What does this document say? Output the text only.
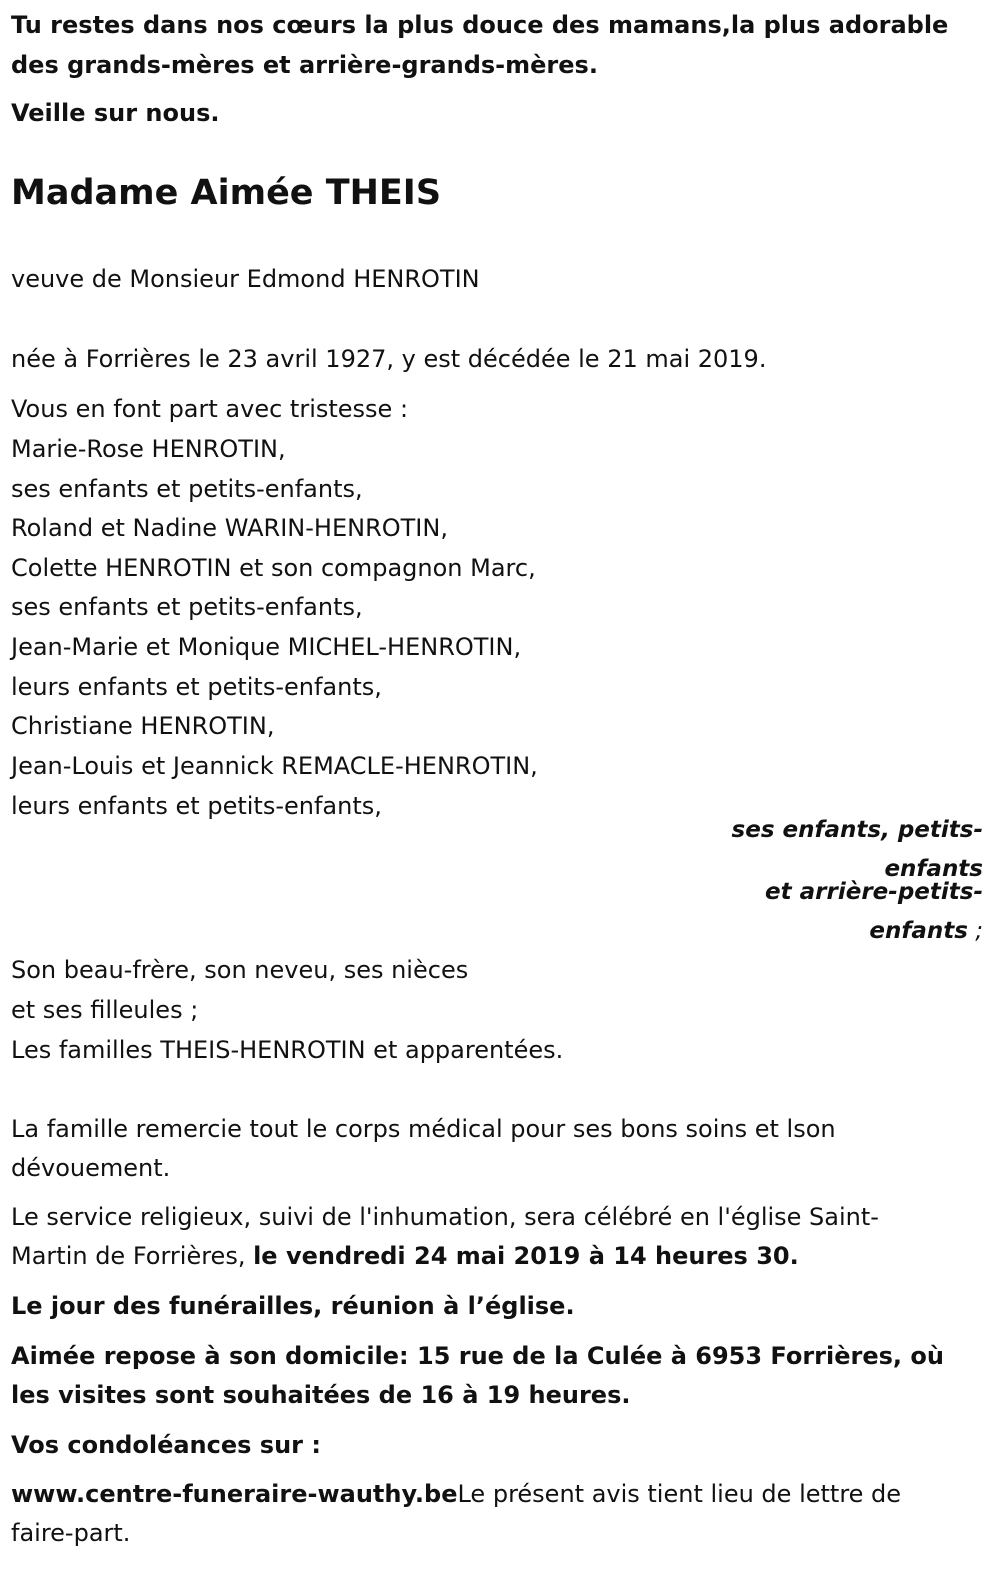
Tu restes dans nos cœurs la plus douce des mamans,la plus adorable
des grands-mères et arrière-grands-mères.
Veille sur nous.
Madame Aimée THEIS
veuve de Monsieur Edmond HENROTIN
née à Forrières le 23 avril 1927, y est décédée le 21 mai 2019.
Vous en font part avec tristesse :
Marie-Rose HENROTIN,
ses enfants et petits-enfants,
Roland et Nadine WARIN-HENROTIN,
Colette HENROTIN et son compagnon Marc,
ses enfants et petits-enfants,
Jean-Marie et Monique MICHEL-HENROTIN,
leurs enfants et petits-enfants,
Christiane HENROTIN,
Jean-Louis et Jeannick REMACLE-HENROTIN,
leurs enfants et petits-enfants,
ses enfants, petits-
enfants
et arrière-petits-
enfants ;
Son beau-frère, son neveu, ses nièces
et ses filleules ;
Les familles THEIS-HENROTIN et apparentées.
La famille remercie tout le corps médical pour ses bons soins et lson
dévouement.
Le service religieux, suivi de l'inhumation, sera célébré en l'église Saint-
Martin de Forrières, le vendredi 24 mai 2019 à 14 heures 30.
Le jour des funérailles, réunion à l’église.
Aimée repose à son domicile: 15 rue de la Culée à 6953 Forrières, où
les visites sont souhaitées de 16 à 19 heures.
Vos condoléances sur :
www.centre-funeraire-wauthy.beLe présent avis tient lieu de lettre de
faire-part.
